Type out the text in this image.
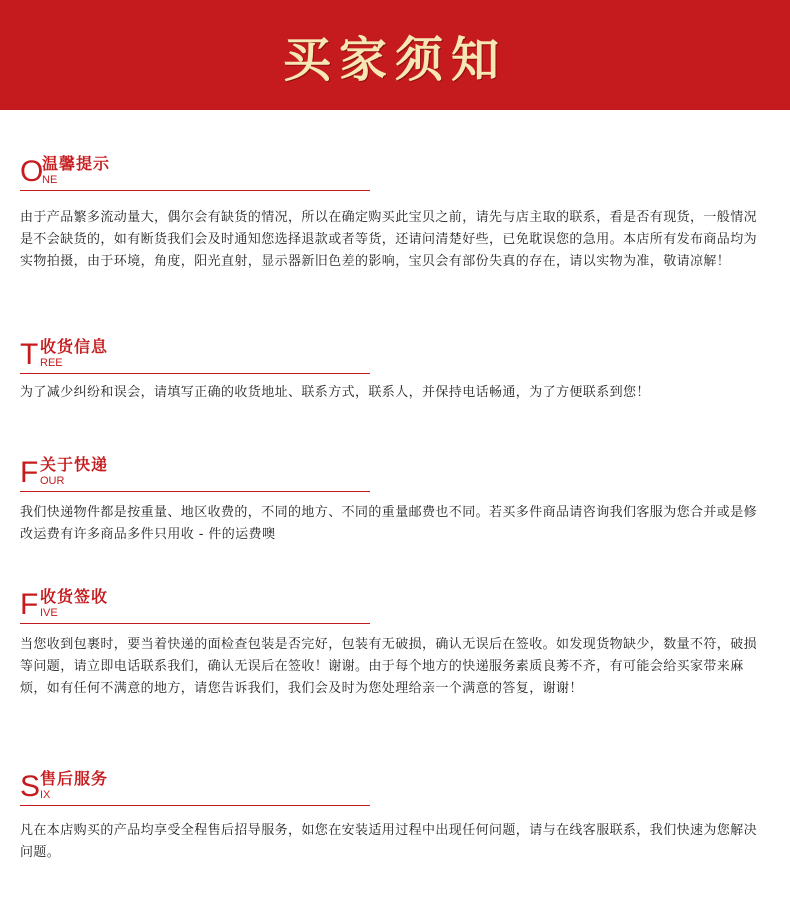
买家须知
O
温馨提示
NE

由于产品繁多流动量大，偶尔会有缺货的情况，所以在确定购买此宝贝之前，请先与店主取的联系，看是否有现货，一般情况是不会缺货的，如有断货我们会及时通知您选择退款或者等货，还请问清楚好些，已免耽误您的急用。本店所有发布商品均为实物拍摄，由于环境，角度，阳光直射，显示器新旧色差的影响，宝贝会有部份失真的存在，请以实物为准，敬请凉解！

T 收货信息
REE

为了减少纠纷和误会，请填写正确的收货地址、联系方式，联系人，并保持电话畅通，为了方便联系到您！

F 关于快递
OUR

我们快递物件都是按重量、地区收费的，不同的地方、不同的重量邮费也不同。若买多件商品请咨询我们客服为您合并或是修改运费有许多商品多件只用收 - 件的运费噢

F 收货签收
IVE

当您收到包裹时，要当着快递的面检查包装是否完好，包装有无破损，确认无误后在签收。如发现货物缺少，数量不符，破损等问题，请立即电话联系我们，确认无误后在签收！谢谢。由于每个地方的快递服务素质良莠不齐，有可能会给买家带来麻烦，如有任何不满意的地方，请您告诉我们，我们会及时为您处理给亲一个满意的答复，谢谢！

S 售后服务
IX

凡在本店购买的产品均享受全程售后招导服务，如您在安装适用过程中出现任何问题，请与在线客服联系，我们快速为您解决问题。
